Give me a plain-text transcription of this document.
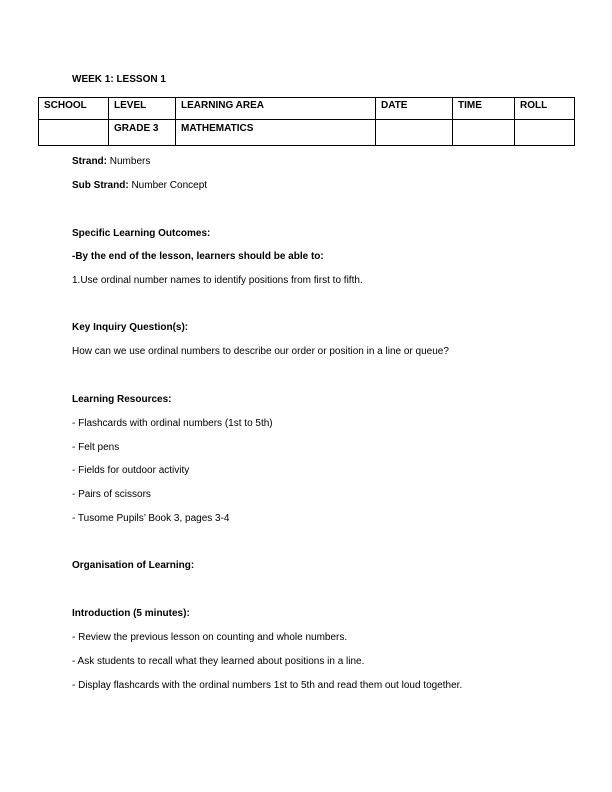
WEEK 1: LESSON 1
SCHOOL	LEVEL	LEARNING AREA	DATE	TIME	ROLL
	GRADE 3	MATHEMATICS			
Strand: Numbers
Sub Strand: Number Concept
Specific Learning Outcomes:
-By the end of the lesson, learners should be able to:
1.Use ordinal number names to identify positions from first to fifth.
Key Inquiry Question(s):
How can we use ordinal numbers to describe our order or position in a line or queue?
Learning Resources:
- Flashcards with ordinal numbers (1st to 5th)
- Felt pens
- Fields for outdoor activity
- Pairs of scissors
- Tusome Pupils’ Book 3, pages 3-4
Organisation of Learning:
Introduction (5 minutes):
- Review the previous lesson on counting and whole numbers.
- Ask students to recall what they learned about positions in a line.
- Display flashcards with the ordinal numbers 1st to 5th and read them out loud together.
